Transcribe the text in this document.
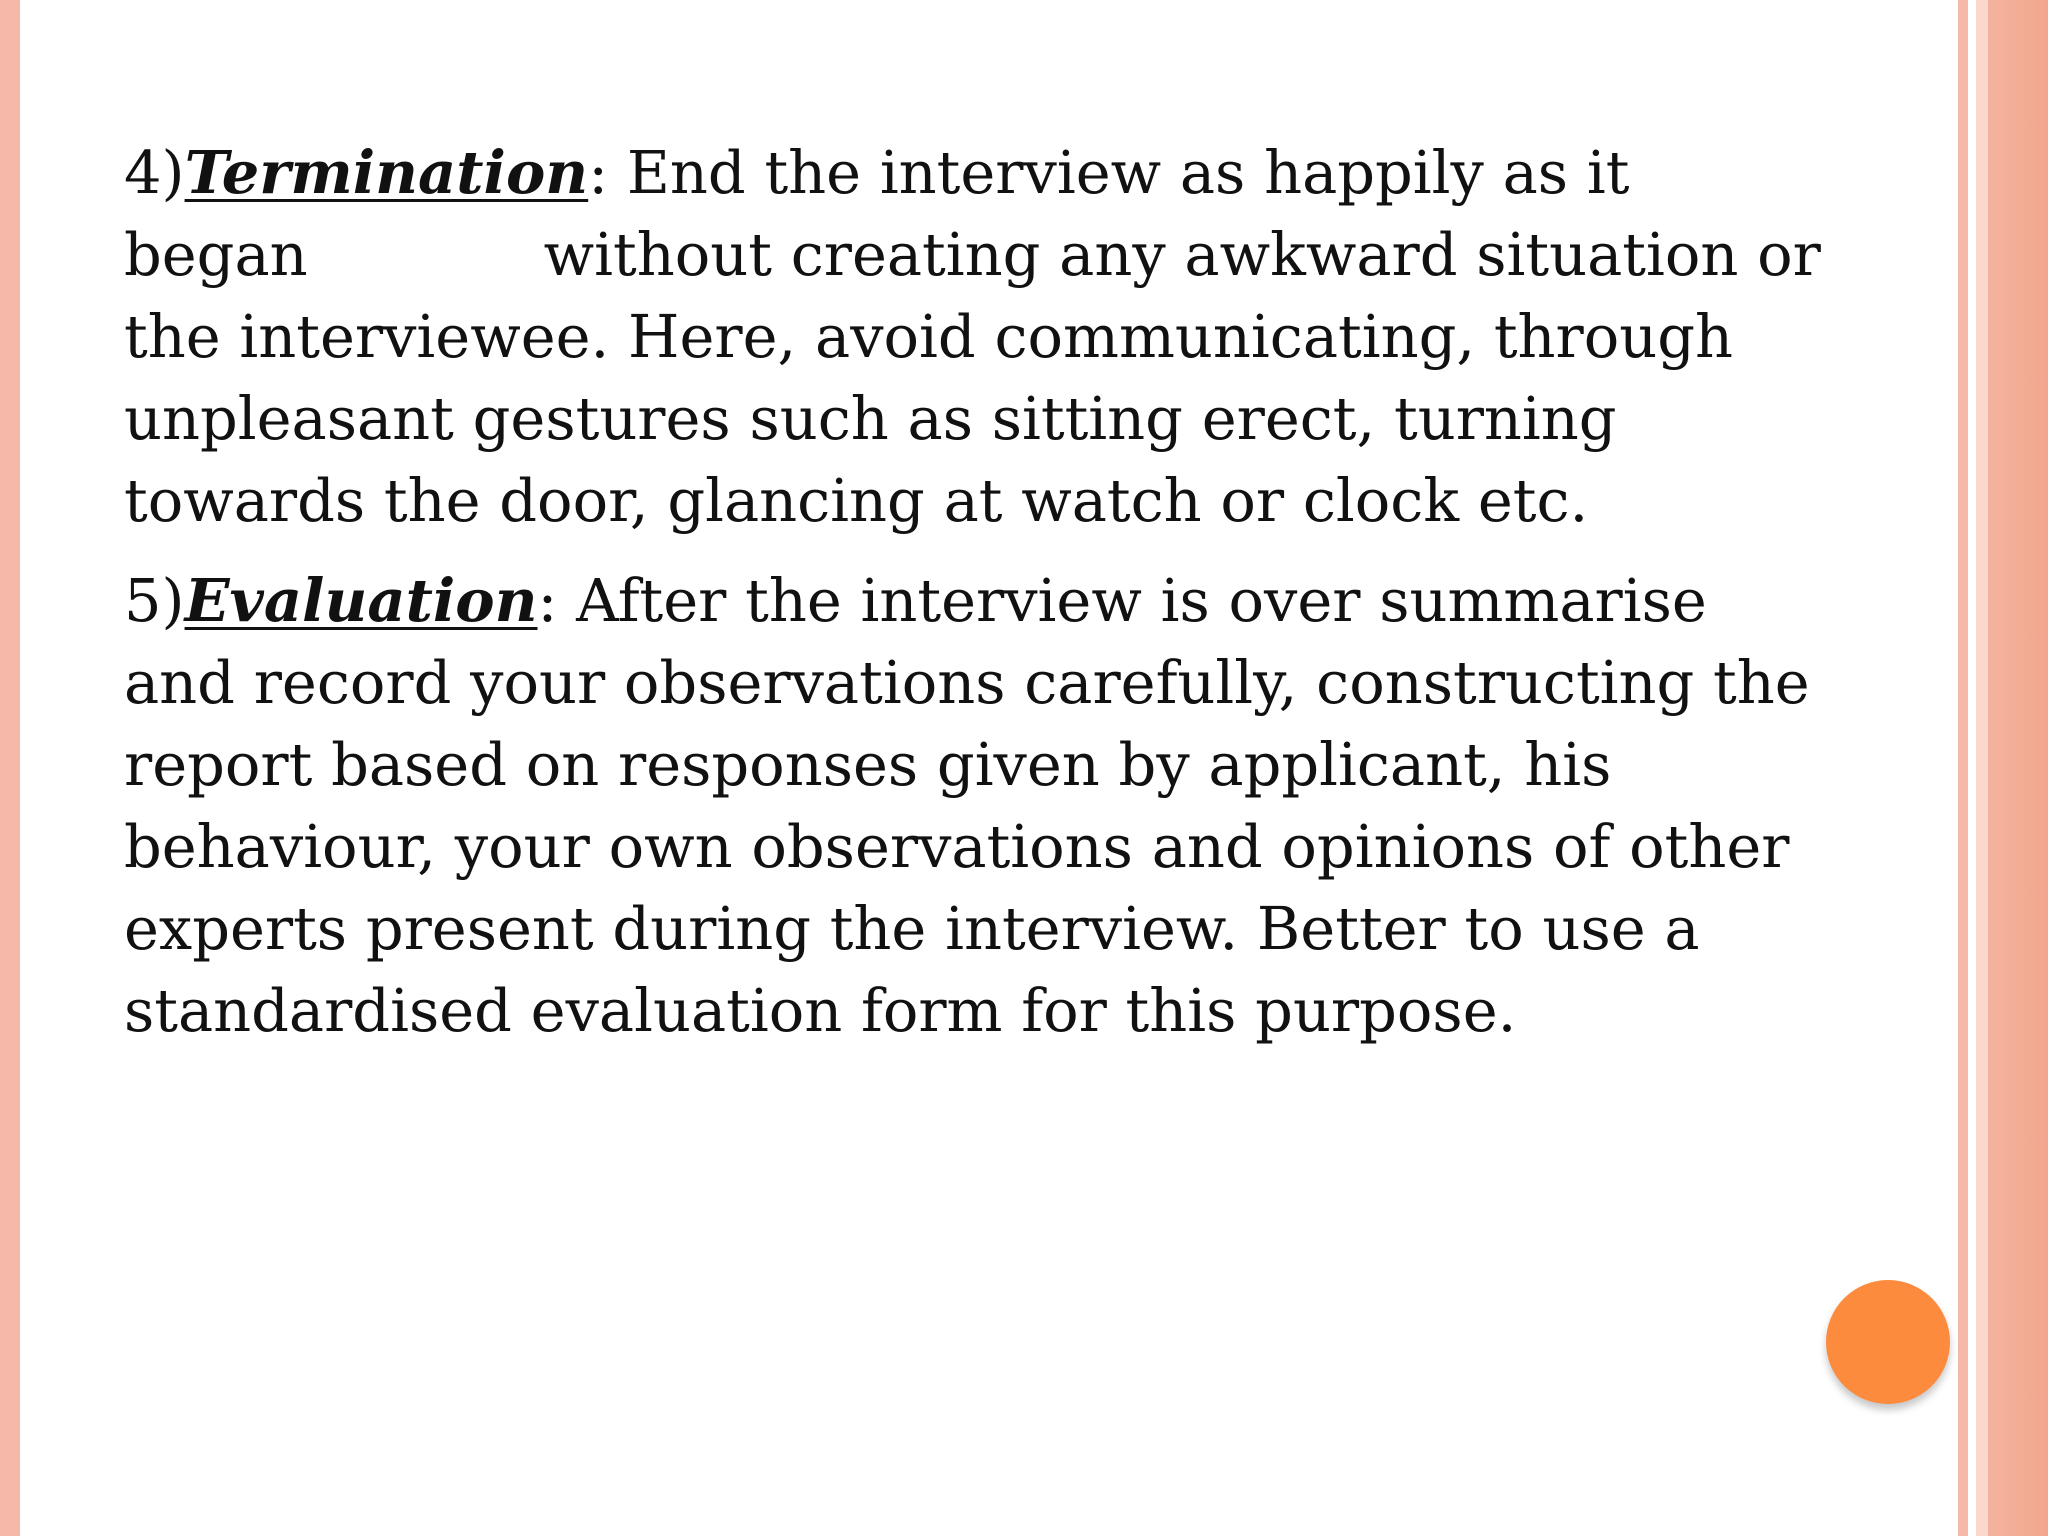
4)Termination: End the interview as happily as it
began	without creating any awkward situation or
the interviewee. Here, avoid communicating, through
unpleasant gestures such as sitting erect, turning
towards the door, glancing at watch or clock etc.
5)Evaluation: After the interview is over summarise
and record your observations carefully, constructing the
report based on responses given by applicant, his
behaviour, your own observations and opinions of other
experts present during the interview. Better to use a
standardised evaluation form for this purpose.
